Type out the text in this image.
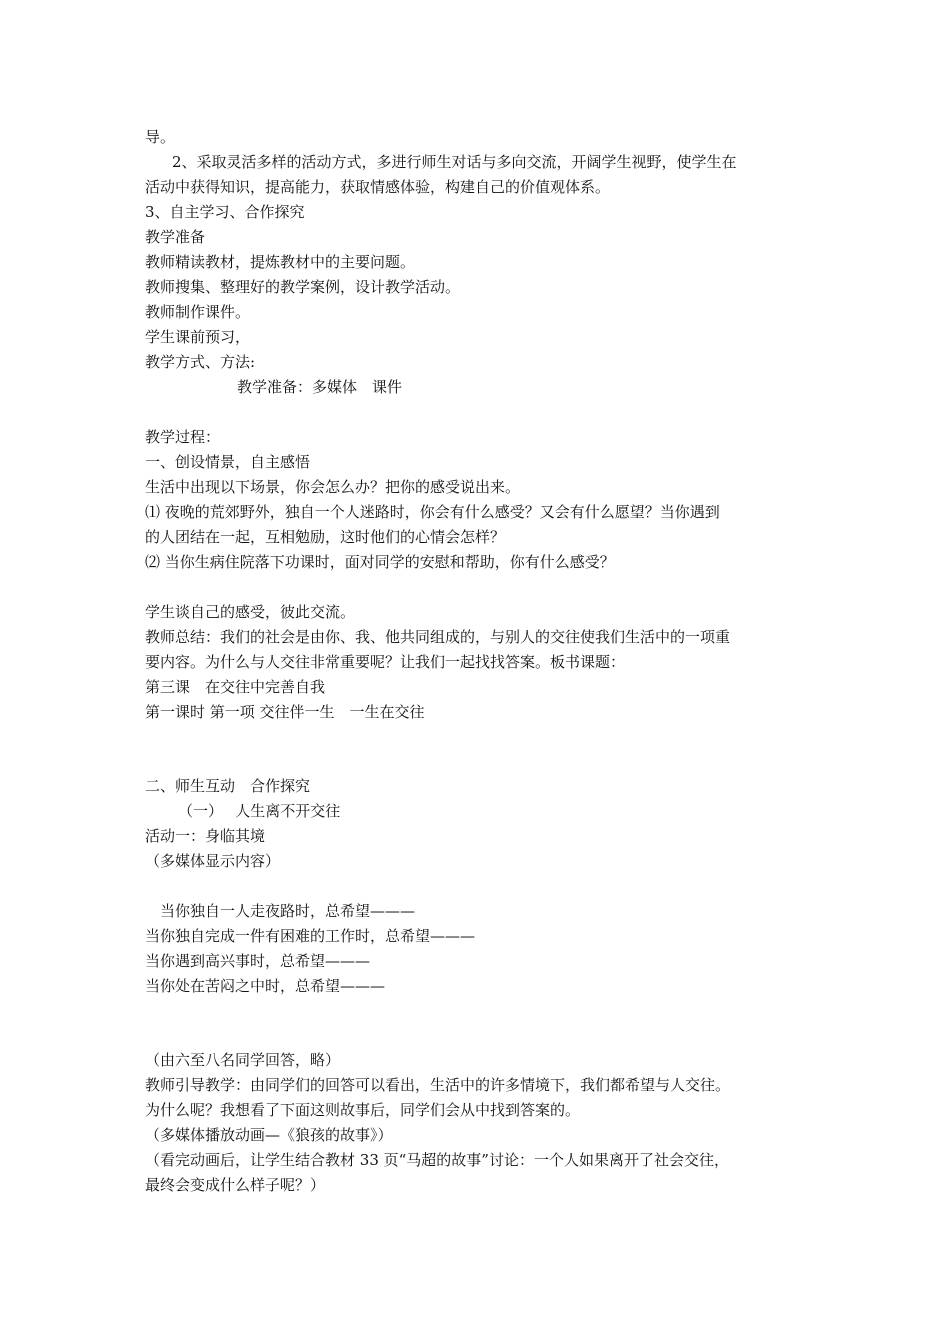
导。
2、采取灵活多样的活动方式，多进行师生对话与多向交流，开阔学生视野，使学生在
活动中获得知识，提高能力，获取情感体验，构建自己的价值观体系。
3、自主学习、合作探究
教学准备
教师精读教材，提炼教材中的主要问题。
教师搜集、整理好的教学案例，设计教学活动。
教师制作课件。
学生课前预习，
教学方式、方法:
教学准备：多媒体　课件
教学过程：
一、创设情景，自主感悟
生活中出现以下场景，你会怎么办？把你的感受说出来。
⑴ 夜晚的荒郊野外，独自一个人迷路时，你会有什么感受？又会有什么愿望？当你遇到
的人团结在一起，互相勉励，这时他们的心情会怎样？
⑵ 当你生病住院落下功课时，面对同学的安慰和帮助，你有什么感受？
学生谈自己的感受，彼此交流。
教师总结：我们的社会是由你、我、他共同组成的，与别人的交往使我们生活中的一项重
要内容。为什么与人交往非常重要呢？让我们一起找找答案。板书课题：
第三课　在交往中完善自我
第一课时 第一项 交往伴一生　一生在交往
二、师生互动　合作探究
（一）　 人生离不开交往
活动一：身临其境
（多媒体显示内容）
当你独自一人走夜路时，总希望———
当你独自完成一件有困难的工作时，总希望———
当你遇到高兴事时，总希望———
当你处在苦闷之中时，总希望———
（由六至八名同学回答，略）
教师引导教学：由同学们的回答可以看出，生活中的许多情境下，我们都希望与人交往。
为什么呢？我想看了下面这则故事后，同学们会从中找到答案的。
（多媒体播放动画—《狼孩的故事》）
（看完动画后，让学生结合教材 33 页“马超的故事”讨论：一个人如果离开了社会交往，
最终会变成什么样子呢？）
